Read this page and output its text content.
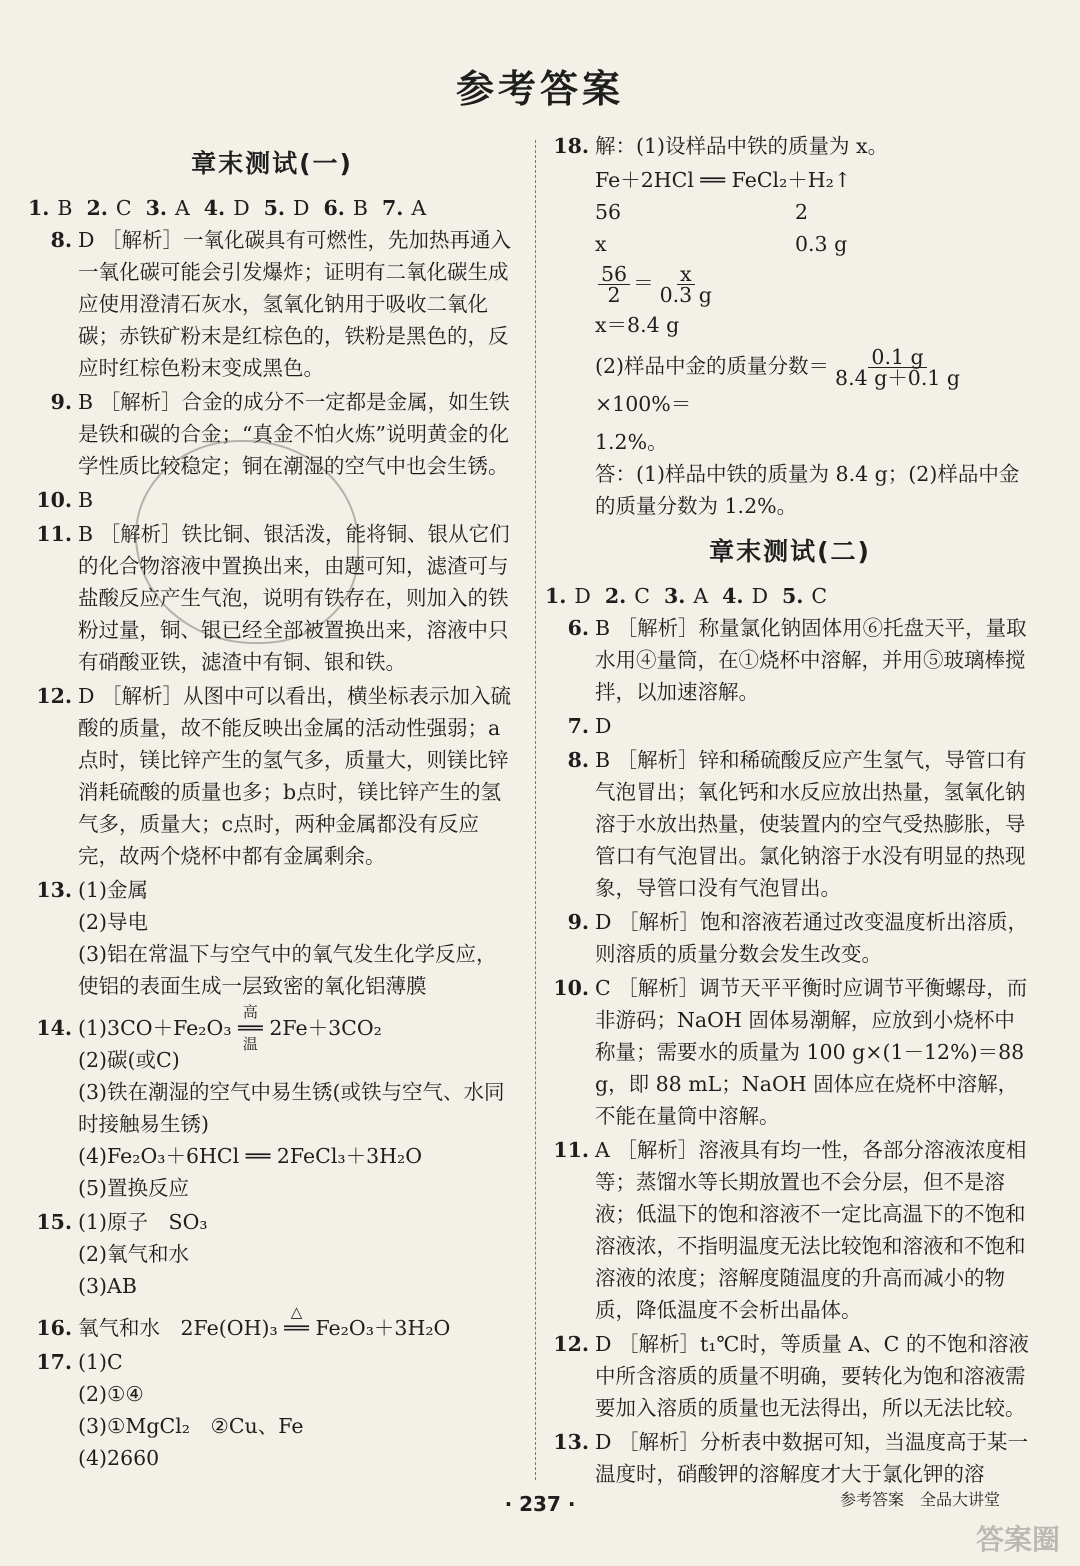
参考答案
章末测试(一)
1. B 2. C 3. A 4. D 5. D 6. B 7. A
8. D ［解析］一氧化碳具有可燃性，先加热再通入一氧化碳可能会引发爆炸；证明有二氧化碳生成应使用澄清石灰水，氢氧化钠用于吸收二氧化碳；赤铁矿粉末是红棕色的，铁粉是黑色的，反应时红棕色粉末变成黑色。
9. B ［解析］合金的成分不一定都是金属，如生铁是铁和碳的合金；“真金不怕火炼”说明黄金的化学性质比较稳定；铜在潮湿的空气中也会生锈。
10. B
11. B ［解析］铁比铜、银活泼，能将铜、银从它们的化合物溶液中置换出来，由题可知，滤渣可与盐酸反应产生气泡，说明有铁存在，则加入的铁粉过量，铜、银已经全部被置换出来，溶液中只有硝酸亚铁，滤渣中有铜、银和铁。
12. D ［解析］从图中可以看出，横坐标表示加入硫酸的质量，故不能反映出金属的活动性强弱；a点时，镁比锌产生的氢气多，质量大，则镁比锌消耗硫酸的质量也多；b点时，镁比锌产生的氢气多，质量大；c点时，两种金属都没有反应完，故两个烧杯中都有金属剩余。
13. (1)金属
(2)导电
(3)铝在常温下与空气中的氧气发生化学反应，使铝的表面生成一层致密的氧化铝薄膜
14. (1)3CO＋Fe₂O₃
高温
══ 2Fe＋3CO₂
(2)碳(或C)
(3)铁在潮湿的空气中易生锈(或铁与空气、水同时接触易生锈)
(4)Fe₂O₃＋6HCl ══ 2FeCl₃＋3H₂O
(5)置换反应
15. (1)原子　SO₃
(2)氧气和水
(3)AB
16. 氧气和水　2Fe(OH)₃
△
══ Fe₂O₃＋3H₂O
17. (1)C
(2)①④
(3)①MgCl₂　②Cu、Fe
(4)2660
18. 解：(1)设样品中铁的质量为 x。
Fe＋2HCl ══ FeCl₂＋H₂↑
56	2
x	0.3 g
$\frac{56}{2} = \frac{x}{0.3 g}$
x＝8.4 g
(2)样品中金的质量分数＝ $\frac{0.1 g}{8.4 g+0.1 g}$
×100%＝
1.2%。
答：(1)样品中铁的质量为 8.4 g；(2)样品中金的质量分数为 1.2%。
章末测试(二)
1. D 2. C 3. A 4. D 5. C
6. B ［解析］称量氯化钠固体用⑥托盘天平，量取水用④量筒，在①烧杯中溶解，并用⑤玻璃棒搅拌，以加速溶解。
7. D
8. B ［解析］锌和稀硫酸反应产生氢气，导管口有气泡冒出；氧化钙和水反应放出热量，氢氧化钠溶于水放出热量，使装置内的空气受热膨胀，导管口有气泡冒出。氯化钠溶于水没有明显的热现象，导管口没有气泡冒出。
9. D ［解析］饱和溶液若通过改变温度析出溶质，则溶质的质量分数会发生改变。
10. C ［解析］调节天平平衡时应调节平衡螺母，而非游码；NaOH 固体易潮解，应放到小烧杯中称量；需要水的质量为 100 g×(1－12%)＝88 g，即 88 mL；NaOH 固体应在烧杯中溶解，不能在量筒中溶解。
11. A ［解析］溶液具有均一性，各部分溶液浓度相等；蒸馏水等长期放置也不会分层，但不是溶液；低温下的饱和溶液不一定比高温下的不饱和溶液浓，不指明温度无法比较饱和溶液和不饱和溶液的浓度；溶解度随温度的升高而减小的物质，降低温度不会析出晶体。
12. D ［解析］t₁℃时，等质量 A、C 的不饱和溶液中所含溶质的质量不明确，要转化为饱和溶液需要加入溶质的质量也无法得出，所以无法比较。
13. D ［解析］分析表中数据可知，当温度高于某一温度时，硝酸钾的溶解度才大于氯化钾的溶
· 237 ·	参考答案　全品大讲堂
答案圈
